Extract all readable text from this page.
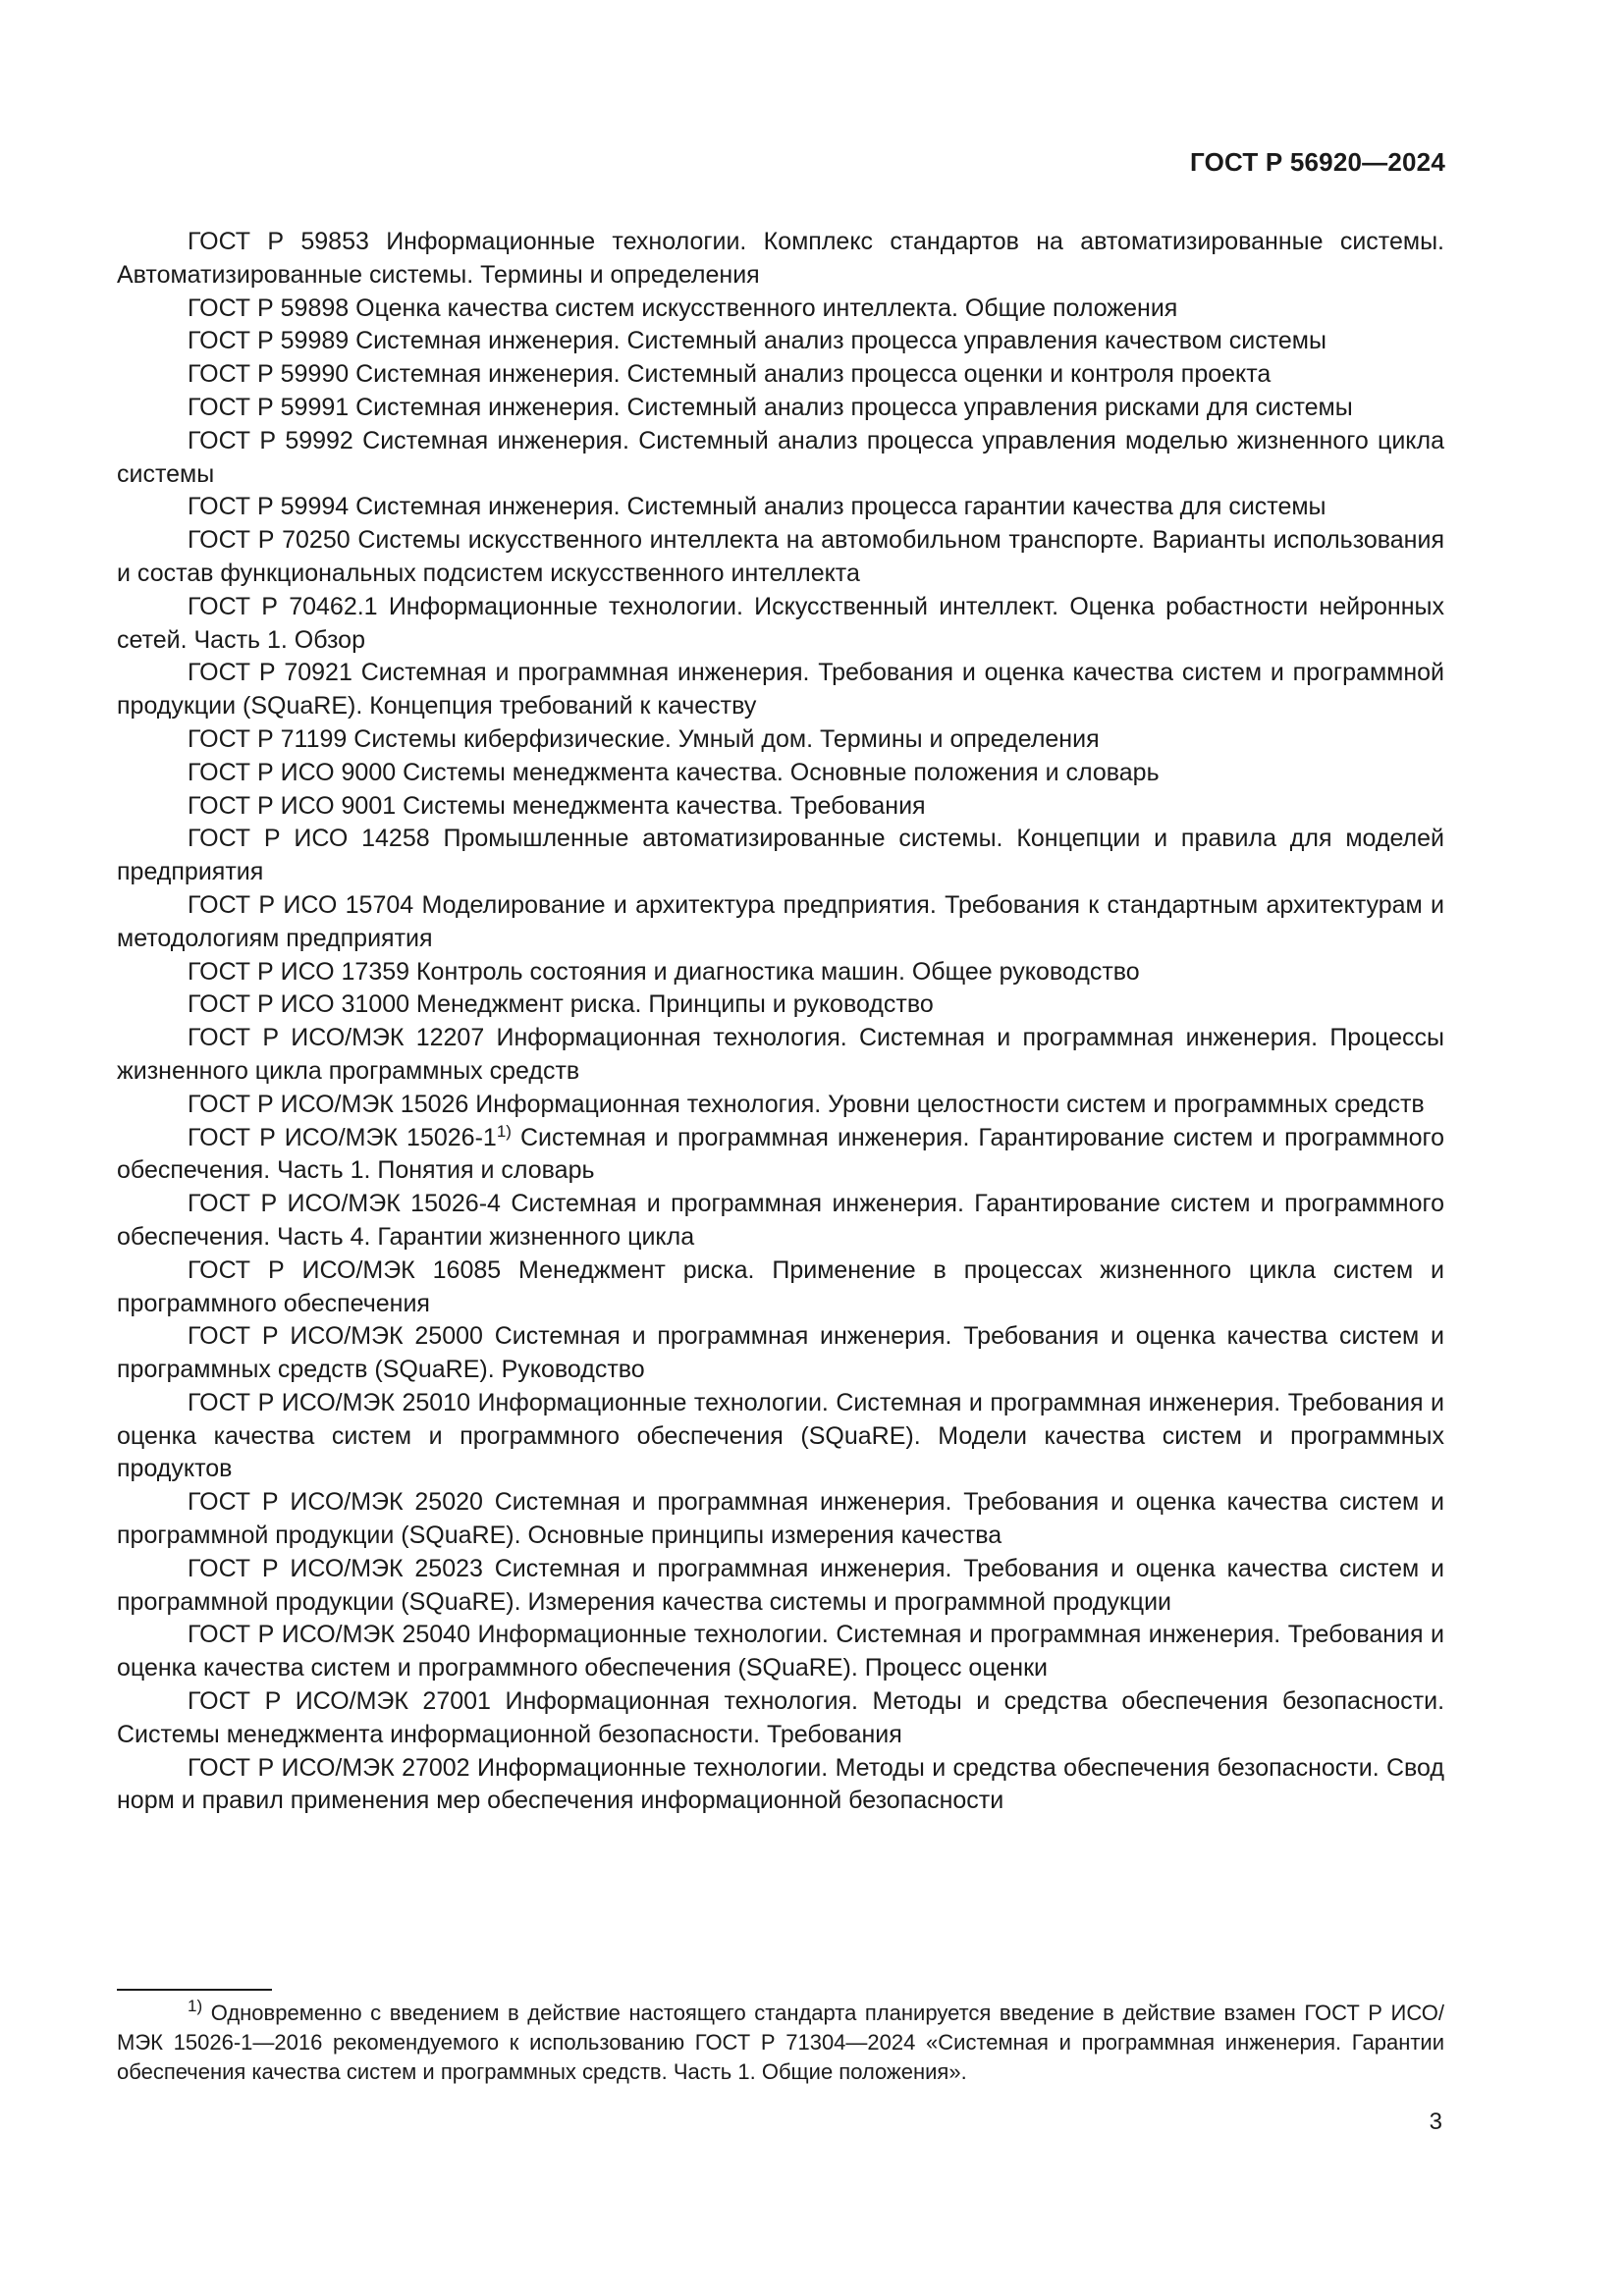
ГОСТ Р 56920—2024

ГОСТ Р 59853 Информационные технологии. Комплекс стандартов на автоматизированные системы. Автоматизированные системы. Термины и определения

ГОСТ Р 59898 Оценка качества систем искусственного интеллекта. Общие положения

ГОСТ Р 59989 Системная инженерия. Системный анализ процесса управления качеством системы

ГОСТ Р 59990 Системная инженерия. Системный анализ процесса оценки и контроля проекта

ГОСТ Р 59991 Системная инженерия. Системный анализ процесса управления рисками для системы

ГОСТ Р 59992 Системная инженерия. Системный анализ процесса управления моделью жизненного цикла системы

ГОСТ Р 59994 Системная инженерия. Системный анализ процесса гарантии качества для системы

ГОСТ Р 70250 Системы искусственного интеллекта на автомобильном транспорте. Варианты использования и состав функциональных подсистем искусственного интеллекта

ГОСТ Р 70462.1 Информационные технологии. Искусственный интеллект. Оценка робастности нейронных сетей. Часть 1. Обзор

ГОСТ Р 70921 Системная и программная инженерия. Требования и оценка качества систем и программной продукции (SQuaRE). Концепция требований к качеству

ГОСТ Р 71199 Системы киберфизические. Умный дом. Термины и определения

ГОСТ Р ИСО 9000 Системы менеджмента качества. Основные положения и словарь

ГОСТ Р ИСО 9001 Системы менеджмента качества. Требования

ГОСТ Р ИСО 14258 Промышленные автоматизированные системы. Концепции и правила для моделей предприятия

ГОСТ Р ИСО 15704 Моделирование и архитектура предприятия. Требования к стандартным архитектурам и методологиям предприятия

ГОСТ Р ИСО 17359 Контроль состояния и диагностика машин. Общее руководство

ГОСТ Р ИСО 31000 Менеджмент риска. Принципы и руководство

ГОСТ Р ИСО/МЭК 12207 Информационная технология. Системная и программная инженерия. Процессы жизненного цикла программных средств

ГОСТ Р ИСО/МЭК 15026 Информационная технология. Уровни целостности систем и программных средств

ГОСТ Р ИСО/МЭК 15026-1$^{1)}$ Системная и программная инженерия. Гарантирование систем и программного обеспечения. Часть 1. Понятия и словарь

ГОСТ Р ИСО/МЭК 15026-4 Системная и программная инженерия. Гарантирование систем и программного обеспечения. Часть 4. Гарантии жизненного цикла

ГОСТ Р ИСО/МЭК 16085 Менеджмент риска. Применение в процессах жизненного цикла систем и программного обеспечения

ГОСТ Р ИСО/МЭК 25000 Системная и программная инженерия. Требования и оценка качества систем и программных средств (SQuaRE). Руководство

ГОСТ Р ИСО/МЭК 25010 Информационные технологии. Системная и программная инженерия. Требования и оценка качества систем и программного обеспечения (SQuaRE). Модели качества систем и программных продуктов

ГОСТ Р ИСО/МЭК 25020 Системная и программная инженерия. Требования и оценка качества систем и программной продукции (SQuaRE). Основные принципы измерения качества

ГОСТ Р ИСО/МЭК 25023 Системная и программная инженерия. Требования и оценка качества систем и программной продукции (SQuaRE). Измерения качества системы и программной продукции

ГОСТ Р ИСО/МЭК 25040 Информационные технологии. Системная и программная инженерия. Требования и оценка качества систем и программного обеспечения (SQuaRE). Процесс оценки

ГОСТ Р ИСО/МЭК 27001 Информационная технология. Методы и средства обеспечения безопасности. Системы менеджмента информационной безопасности. Требования

ГОСТ Р ИСО/МЭК 27002 Информационные технологии. Методы и средства обеспечения безопасности. Свод норм и правил применения мер обеспечения информационной безопасности

$^{1)}$ Одновременно с введением в действие настоящего стандарта планируется введение в действие взамен ГОСТ Р ИСО/МЭК 15026-1—2016 рекомендуемого к использованию ГОСТ Р 71304—2024 «Системная и программная инженерия. Гарантии обеспечения качества систем и программных средств. Часть 1. Общие положения».

3
